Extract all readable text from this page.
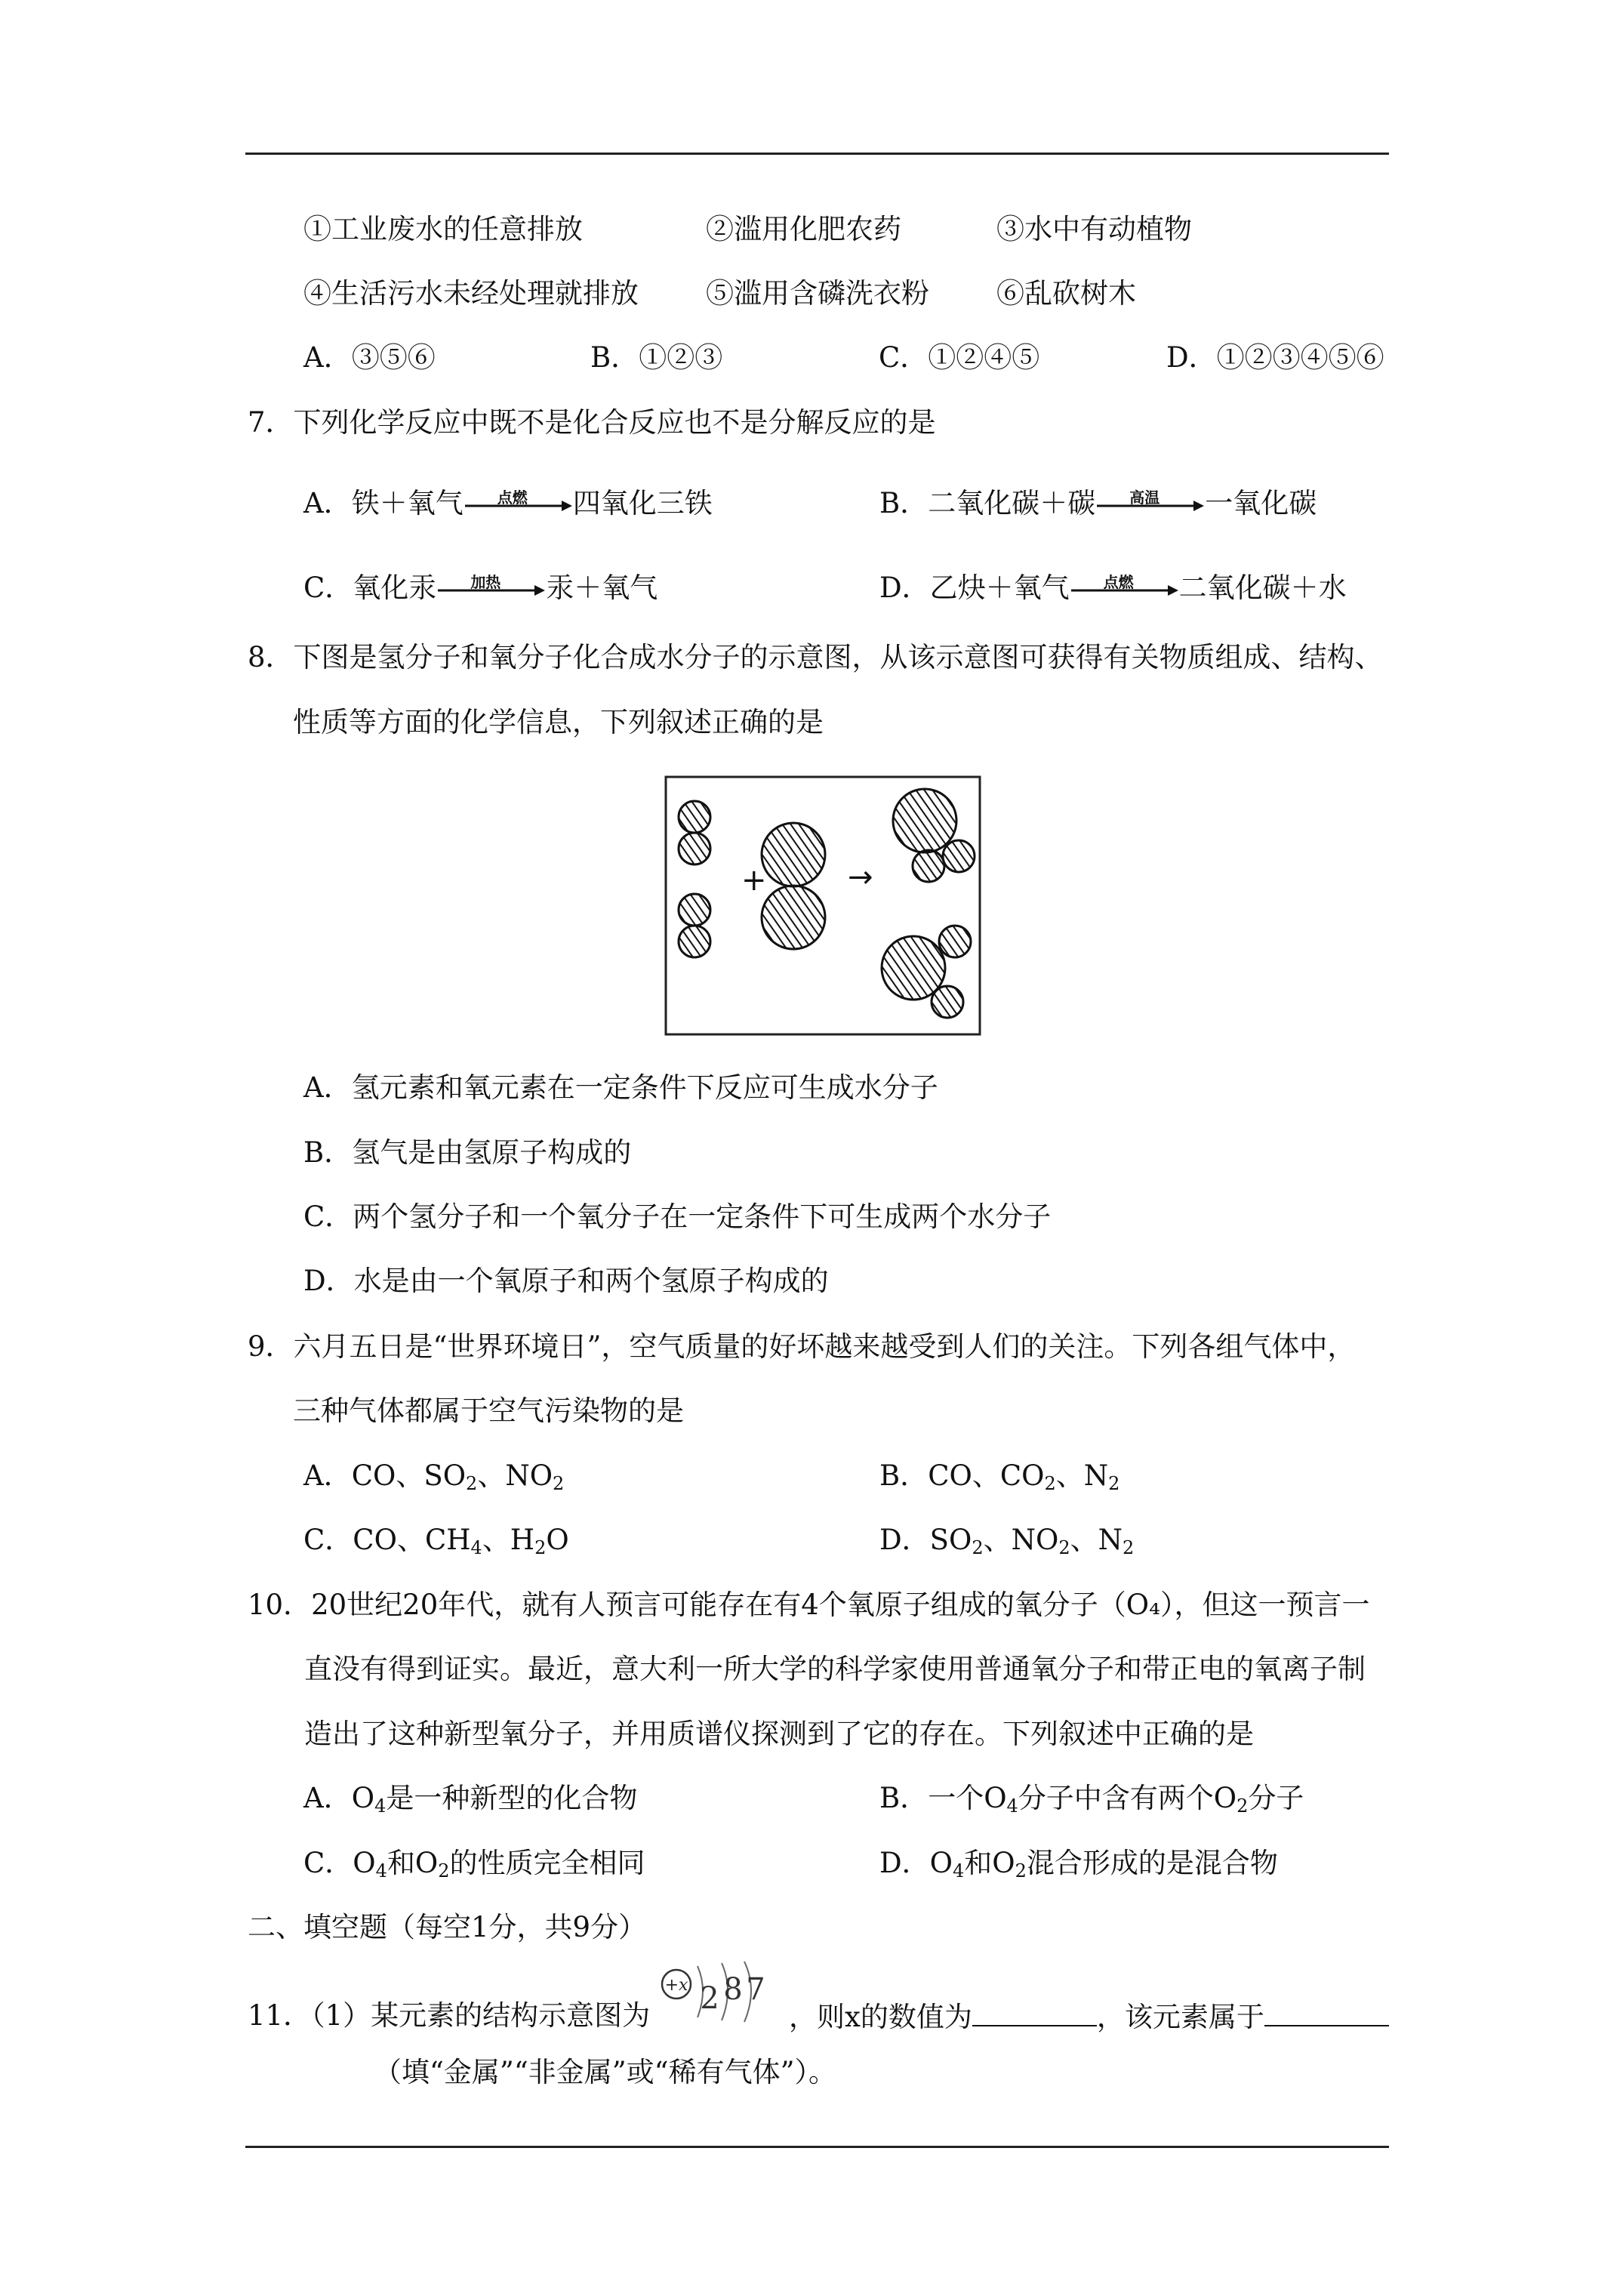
①工业废水的任意排放	②滥用化肥农药	③水中有动植物
④生活污水未经处理就排放 ⑤滥用含磷洗衣粉 ⑥乱砍树木
A．③⑤⑥	B．①②③	C．①②④⑤	D．①②③④⑤⑥
7．下列化学反应中既不是化合反应也不是分解反应的是
A．铁＋氧气	点燃	四氧化三铁	B．二氧化碳＋碳	高温	一氧化碳
C．氧化汞	加热	汞＋氧气	D．乙炔＋氧气	点燃	二氧化碳＋水
8．下图是氢分子和氧分子化合成水分子的示意图，从该示意图可获得有关物质组成、结构、
性质等方面的化学信息，下列叙述正确的是
+	→
A．氢元素和氧元素在一定条件下反应可生成水分子
B．氢气是由氢原子构成的
C．两个氢分子和一个氧分子在一定条件下可生成两个水分子
D．水是由一个氧原子和两个氢原子构成的
9．六月五日是“世界环境日”，空气质量的好坏越来越受到人们的关注。下列各组气体中，
三种气体都属于空气污染物的是
A．CO、$SO_2$、$NO_2$	B．CO、$CO_2$、$N_2$
C．CO、$CH_4$、$H_2O$	D．$SO_2$、$NO_2$、$N_2$
10．20世纪20年代，就有人预言可能存在有4个氧原子组成的氧分子（O₄），但这一预言一
直没有得到证实。最近，意大利一所大学的科学家使用普通氧分子和带正电的氧离子制
造出了这种新型氧分子，并用质谱仪探测到了它的存在。下列叙述中正确的是
A．$O_4$是一种新型的化合物	B．一个$O_4$分子中含有两个$O_2$分子
C．$O_4$和$O_2$的性质完全相同	D．$O_4$和$O_2$混合形成的是混合物
二、填空题（每空1分，共9分）
11．（1）某元素的结构示意图为
+x 2 8 7
，则x的数值为	，该元素属于
（填“金属”“非金属”或“稀有气体”）。
